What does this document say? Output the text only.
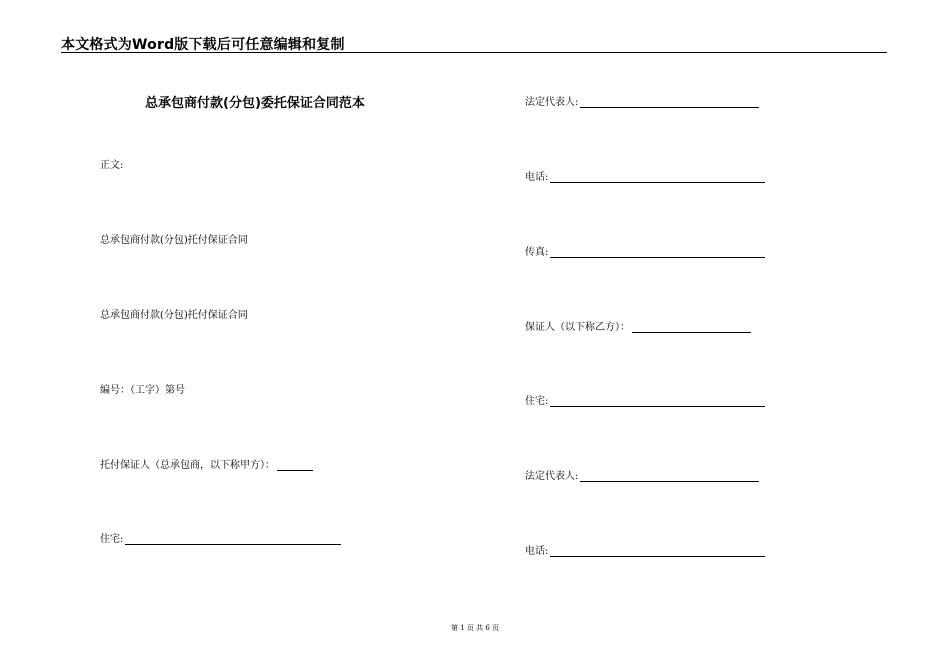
本文格式为Word版下载后可任意编辑和复制
总承包商付款(分包)委托保证合同范本
正文:
总承包商付款(分包)托付保证合同
总承包商付款(分包)托付保证合同
编号：（工字）第号
托付保证人（总承包商，以下称甲方）：
住宅:
法定代表人:
电话:
传真:
保证人（以下称乙方）：
住宅:
法定代表人:
电话:
第 1 页 共 6 页
